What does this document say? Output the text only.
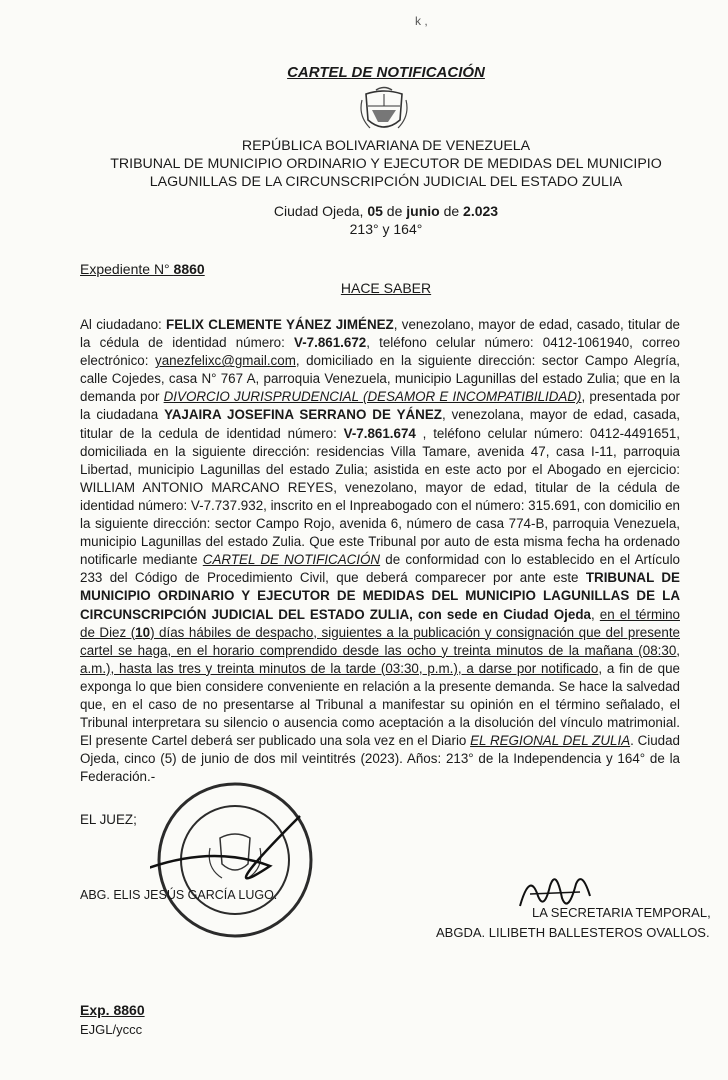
k ,
CARTEL DE NOTIFICACIÓN
REPÚBLICA BOLIVARIANA DE VENEZUELA
TRIBUNAL DE MUNICIPIO ORDINARIO Y EJECUTOR DE MEDIDAS DEL MUNICIPIO
LAGUNILLAS DE LA CIRCUNSCRIPCIÓN JUDICIAL DEL ESTADO ZULIA
Ciudad Ojeda, 05 de junio de 2.023
213° y 164°
Expediente N° 8860
HACE SABER
Al ciudadano: FELIX CLEMENTE YÁNEZ JIMÉNEZ, venezolano, mayor de edad, casado, titular de la cédula de identidad número: V-7.861.672, teléfono celular número: 0412-1061940, correo electrónico: yanezfelixc@gmail.com, domiciliado en la siguiente dirección: sector Campo Alegría, calle Cojedes, casa N° 767 A, parroquia Venezuela, municipio Lagunillas del estado Zulia; que en la demanda por DIVORCIO JURISPRUDENCIAL (DESAMOR E INCOMPATIBILIDAD), presentada por la ciudadana YAJAIRA JOSEFINA SERRANO DE YÁNEZ, venezolana, mayor de edad, casada, titular de la cedula de identidad número: V-7.861.674 , teléfono celular número: 0412-4491651, domiciliada en la siguiente dirección: residencias Villa Tamare, avenida 47, casa I-11, parroquia Libertad, municipio Lagunillas del estado Zulia; asistida en este acto por el Abogado en ejercicio: WILLIAM ANTONIO MARCANO REYES, venezolano, mayor de edad, titular de la cédula de identidad número: V-7.737.932, inscrito en el Inpreabogado con el número: 315.691, con domicilio en la siguiente dirección: sector Campo Rojo, avenida 6, número de casa 774-B, parroquia Venezuela, municipio Lagunillas del estado Zulia. Que este Tribunal por auto de esta misma fecha ha ordenado notificarle mediante CARTEL DE NOTIFICACIÓN de conformidad con lo establecido en el Artículo 233 del Código de Procedimiento Civil, que deberá comparecer por ante este TRIBUNAL DE MUNICIPIO ORDINARIO Y EJECUTOR DE MEDIDAS DEL MUNICIPIO LAGUNILLAS DE LA CIRCUNSCRIPCIÓN JUDICIAL DEL ESTADO ZULIA, con sede en Ciudad Ojeda, en el término de Diez (10) días hábiles de despacho, siguientes a la publicación y consignación que del presente cartel se haga, en el horario comprendido desde las ocho y treinta minutos de la mañana (08:30, a.m.), hasta las tres y treinta minutos de la tarde (03:30, p.m.), a darse por notificado, a fin de que exponga lo que bien considere conveniente en relación a la presente demanda. Se hace la salvedad que, en el caso de no presentarse al Tribunal a manifestar su opinión en el término señalado, el Tribunal interpretara su silencio o ausencia como aceptación a la disolución del vínculo matrimonial. El presente Cartel deberá ser publicado una sola vez en el Diario EL REGIONAL DEL ZULIA. Ciudad Ojeda, cinco (5) de junio de dos mil veintitrés (2023). Años: 213° de la Independencia y 164° de la Federación.-
EL JUEZ;
ABG. ELIS JESÚS GARCÍA LUGO.
LA SECRETARIA TEMPORAL,
ABGDA. LILIBETH BALLESTEROS OVALLOS.
Exp. 8860
EJGL/yccc
